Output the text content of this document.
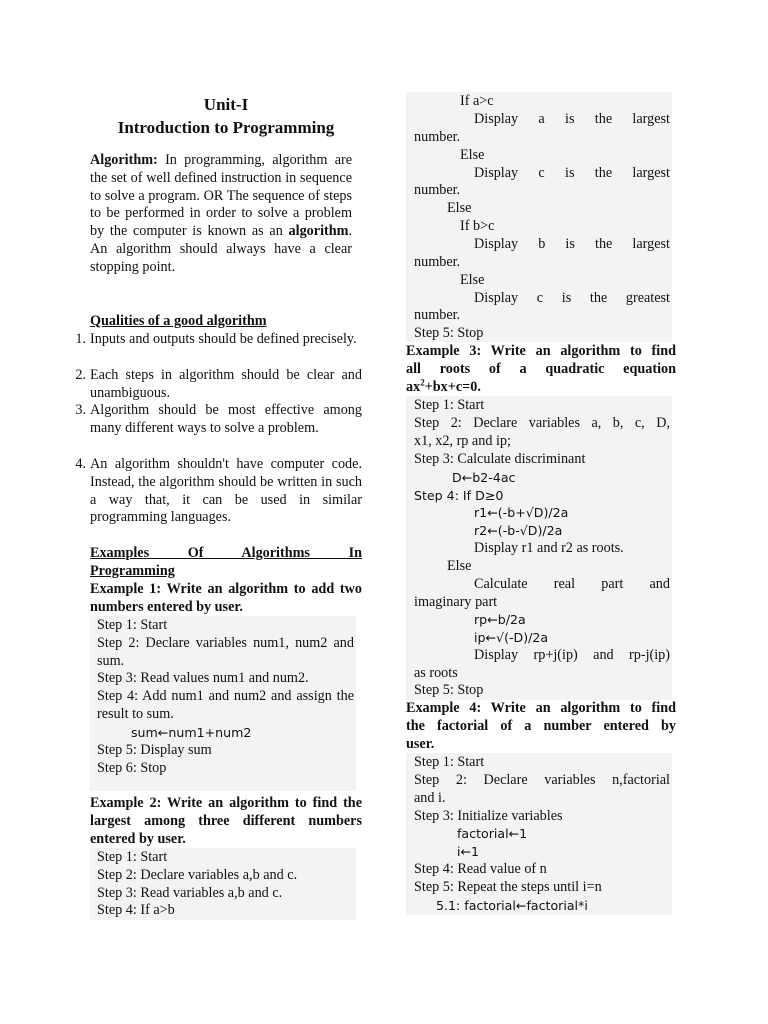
Unit-I
Introduction to Programming
Algorithm: In programming, algorithm are the set of well defined instruction in sequence to solve a program. OR The sequence of steps to be performed in order to solve a problem by the computer is known as an algorithm. An algorithm should always have a clear stopping point.
Qualities of a good algorithm
1. Inputs and outputs should be defined precisely.
2. Each steps in algorithm should be clear and unambiguous.
3. Algorithm should be most effective among many different ways to solve a problem.
4. An algorithm shouldn't have computer code. Instead, the algorithm should be written in such a way that, it can be used in similar programming languages.
Examples Of Algorithms In
Programming
Example 1: Write an algorithm to add two numbers entered by user.
Step 1: Start
Step 2: Declare variables num1, num2 and sum.
Step 3: Read values num1 and num2.
Step 4: Add num1 and num2 and assign the result to sum.
sum←num1+num2
Step 5: Display sum
Step 6: Stop
Example 2: Write an algorithm to find the largest among three different numbers entered by user.
Step 1: Start
Step 2: Declare variables a,b and c.
Step 3: Read variables a,b and c.
Step 4: If a>b
If a>c
Display a is the largest
number.
Else
Display c is the largest
number.
Else
If b>c
Display b is the largest
number.
Else
Display c is the greatest
number.
Step 5: Stop
Example 3: Write an algorithm to find
all roots of a quadratic equation
$ax^2+bx+c=0$.
Step 1: Start
Step 2: Declare variables a, b, c, D,
x1, x2, rp and ip;
Step 3: Calculate discriminant
D←b2-4ac
Step 4: If D≥0
r1←(-b+√D)/2a
r2←(-b-√D)/2a
Display r1 and r2 as roots.
Else
Calculate real part and
imaginary part
rp←b/2a
ip←√(-D)/2a
Display rp+j(ip) and rp-j(ip)
as roots
Step 5: Stop
Example 4: Write an algorithm to find
the factorial of a number entered by
user.
Step 1: Start
Step 2: Declare variables n,factorial
and i.
Step 3: Initialize variables
factorial←1
i←1
Step 4: Read value of n
Step 5: Repeat the steps until i=n
5.1: factorial←factorial*i
